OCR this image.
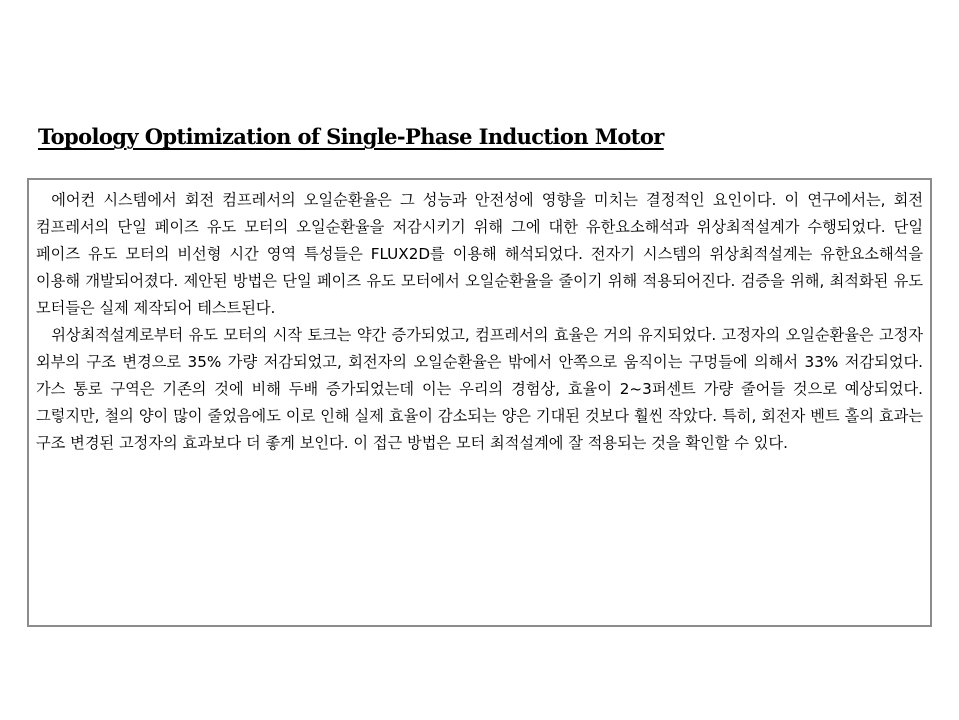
Topology Optimization of Single-Phase Induction Motor

에어컨 시스템에서 회전 컴프레서의 오일순환율은 그 성능과 안전성에 영향을 미치는 결정적인 요인이다. 이 연구에서는, 회전 컴프레서의 단일 페이즈 유도 모터의 오일순환율을 저감시키기 위해 그에 대한 유한요소해석과 위상최적설계가 수행되었다. 단일 페이즈 유도 모터의 비선형 시간 영역 특성들은 FLUX2D를 이용해 해석되었다. 전자기 시스템의 위상최적설계는 유한요소해석을 이용해 개발되어졌다. 제안된 방법은 단일 페이즈 유도 모터에서 오일순환율을 줄이기 위해 적용되어진다. 검증을 위해, 최적화된 유도 모터들은 실제 제작되어 테스트된다.

위상최적설계로부터 유도 모터의 시작 토크는 약간 증가되었고, 컴프레서의 효율은 거의 유지되었다. 고정자의 오일순환율은 고정자 외부의 구조 변경으로 35% 가량 저감되었고, 회전자의 오일순환율은 밖에서 안쪽으로 움직이는 구멍들에 의해서 33% 저감되었다. 가스 통로 구역은 기존의 것에 비해 두배 증가되었는데 이는 우리의 경험상, 효율이 2~3퍼센트 가량 줄어들 것으로 예상되었다. 그렇지만, 철의 양이 많이 줄었음에도 이로 인해 실제 효율이 감소되는 양은 기대된 것보다 훨씬 작았다. 특히, 회전자 벤트 홀의 효과는 구조 변경된 고정자의 효과보다 더 좋게 보인다. 이 접근 방법은 모터 최적설계에 잘 적용되는 것을 확인할 수 있다.
